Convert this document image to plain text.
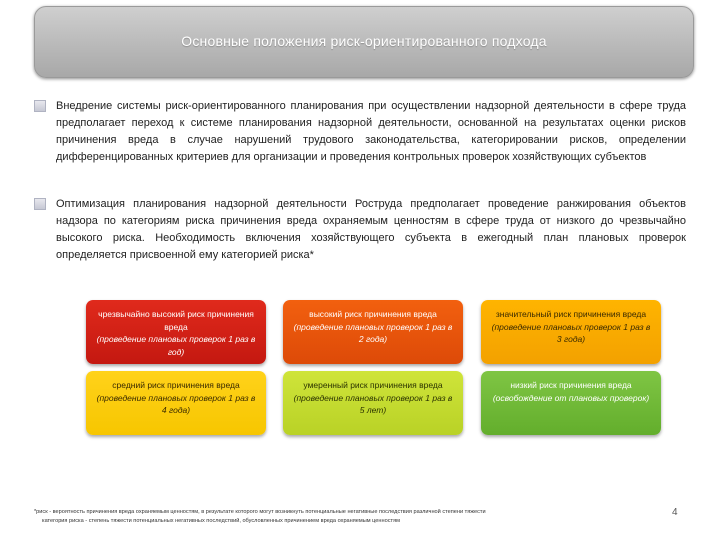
Основные положения риск-ориентированного подхода

Внедрение системы риск-ориентированного планирования при осуществлении надзорной деятельности в сфере труда предполагает переход к системе планирования надзорной деятельности, основанной на результатах оценки рисков причинения вреда в случае нарушений трудового законодательства, категорировании рисков, определении дифференцированных критериев для организации и проведения контрольных проверок хозяйствующих субъектов

Оптимизация планирования надзорной деятельности Роструда предполагает проведение ранжирования объектов надзора по категориям риска причинения вреда охраняемым ценностям в сфере труда от низкого до чрезвычайно высокого риска. Необходимость включения хозяйствующего субъекта в ежегодный план плановых проверок определяется присвоенной ему категорией риска*

чрезвычайно высокий риск причинения вреда
(проведение плановых проверок 1 раз в год)
высокий риск причинения вреда
(проведение плановых проверок 1 раз в 2 года)
значительный риск причинения вреда
(проведение плановых проверок 1 раз в 3 года)
средний риск причинения вреда
(проведение плановых проверок 1 раз в 4 года)
умеренный риск причинения вреда
(проведение плановых проверок 1 раз в 5 лет)
низкий риск причинения вреда
(освобождение от плановых проверок)
*риск - вероятность причинения вреда охраняемым ценностям, в результате которого могут возникнуть потенциальные негативные последствия различной степени тяжести
категория риска - степень тяжести потенциальных негативных последствий, обусловленных причинением вреда охраняемым ценностям
4
